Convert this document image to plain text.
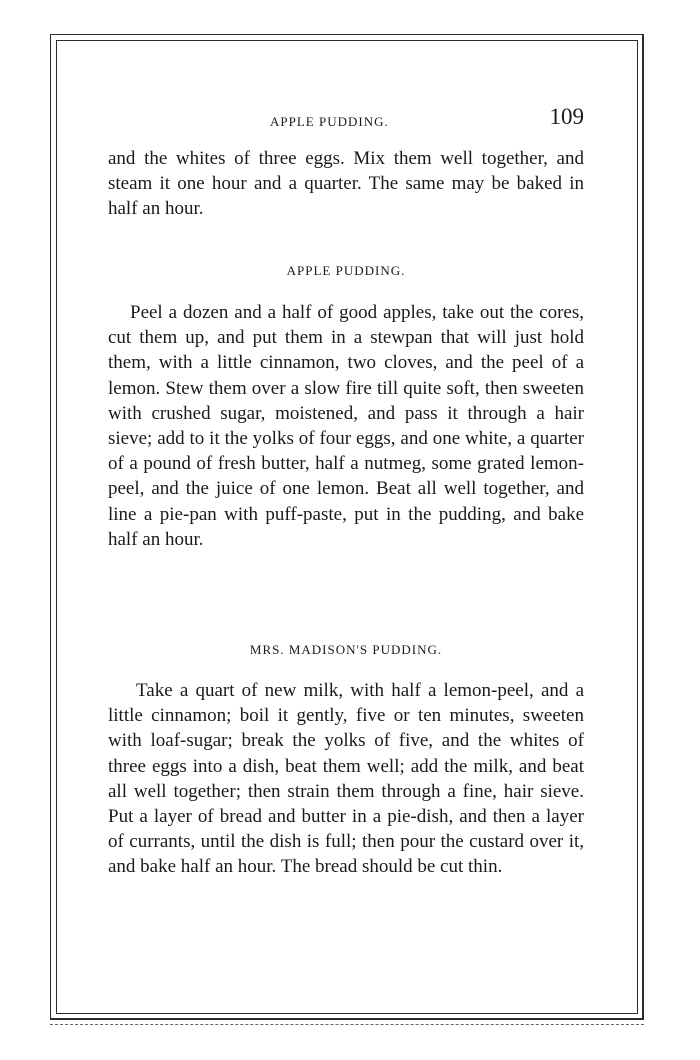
APPLE PUDDING.	109

and the whites of three eggs. Mix them well together, and steam it one hour and a quarter. The same may be baked in half an hour.

APPLE PUDDING.

Peel a dozen and a half of good apples, take out the cores, cut them up, and put them in a stewpan that will just hold them, with a little cinnamon, two cloves, and the peel of a lemon. Stew them over a slow fire till quite soft, then sweeten with crushed sugar, moistened, and pass it through a hair sieve; add to it the yolks of four eggs, and one white, a quarter of a pound of fresh butter, half a nutmeg, some grated lemon-peel, and the juice of one lemon. Beat all well together, and line a pie-pan with puff-paste, put in the pudding, and bake half an hour.

MRS. MADISON'S PUDDING.

Take a quart of new milk, with half a lemon-peel, and a little cinnamon; boil it gently, five or ten minutes, sweeten with loaf-sugar; break the yolks of five, and the whites of three eggs into a dish, beat them well; add the milk, and beat all well together; then strain them through a fine, hair sieve. Put a layer of bread and butter in a pie-dish, and then a layer of currants, until the dish is full; then pour the custard over it, and bake half an hour. The bread should be cut thin.
